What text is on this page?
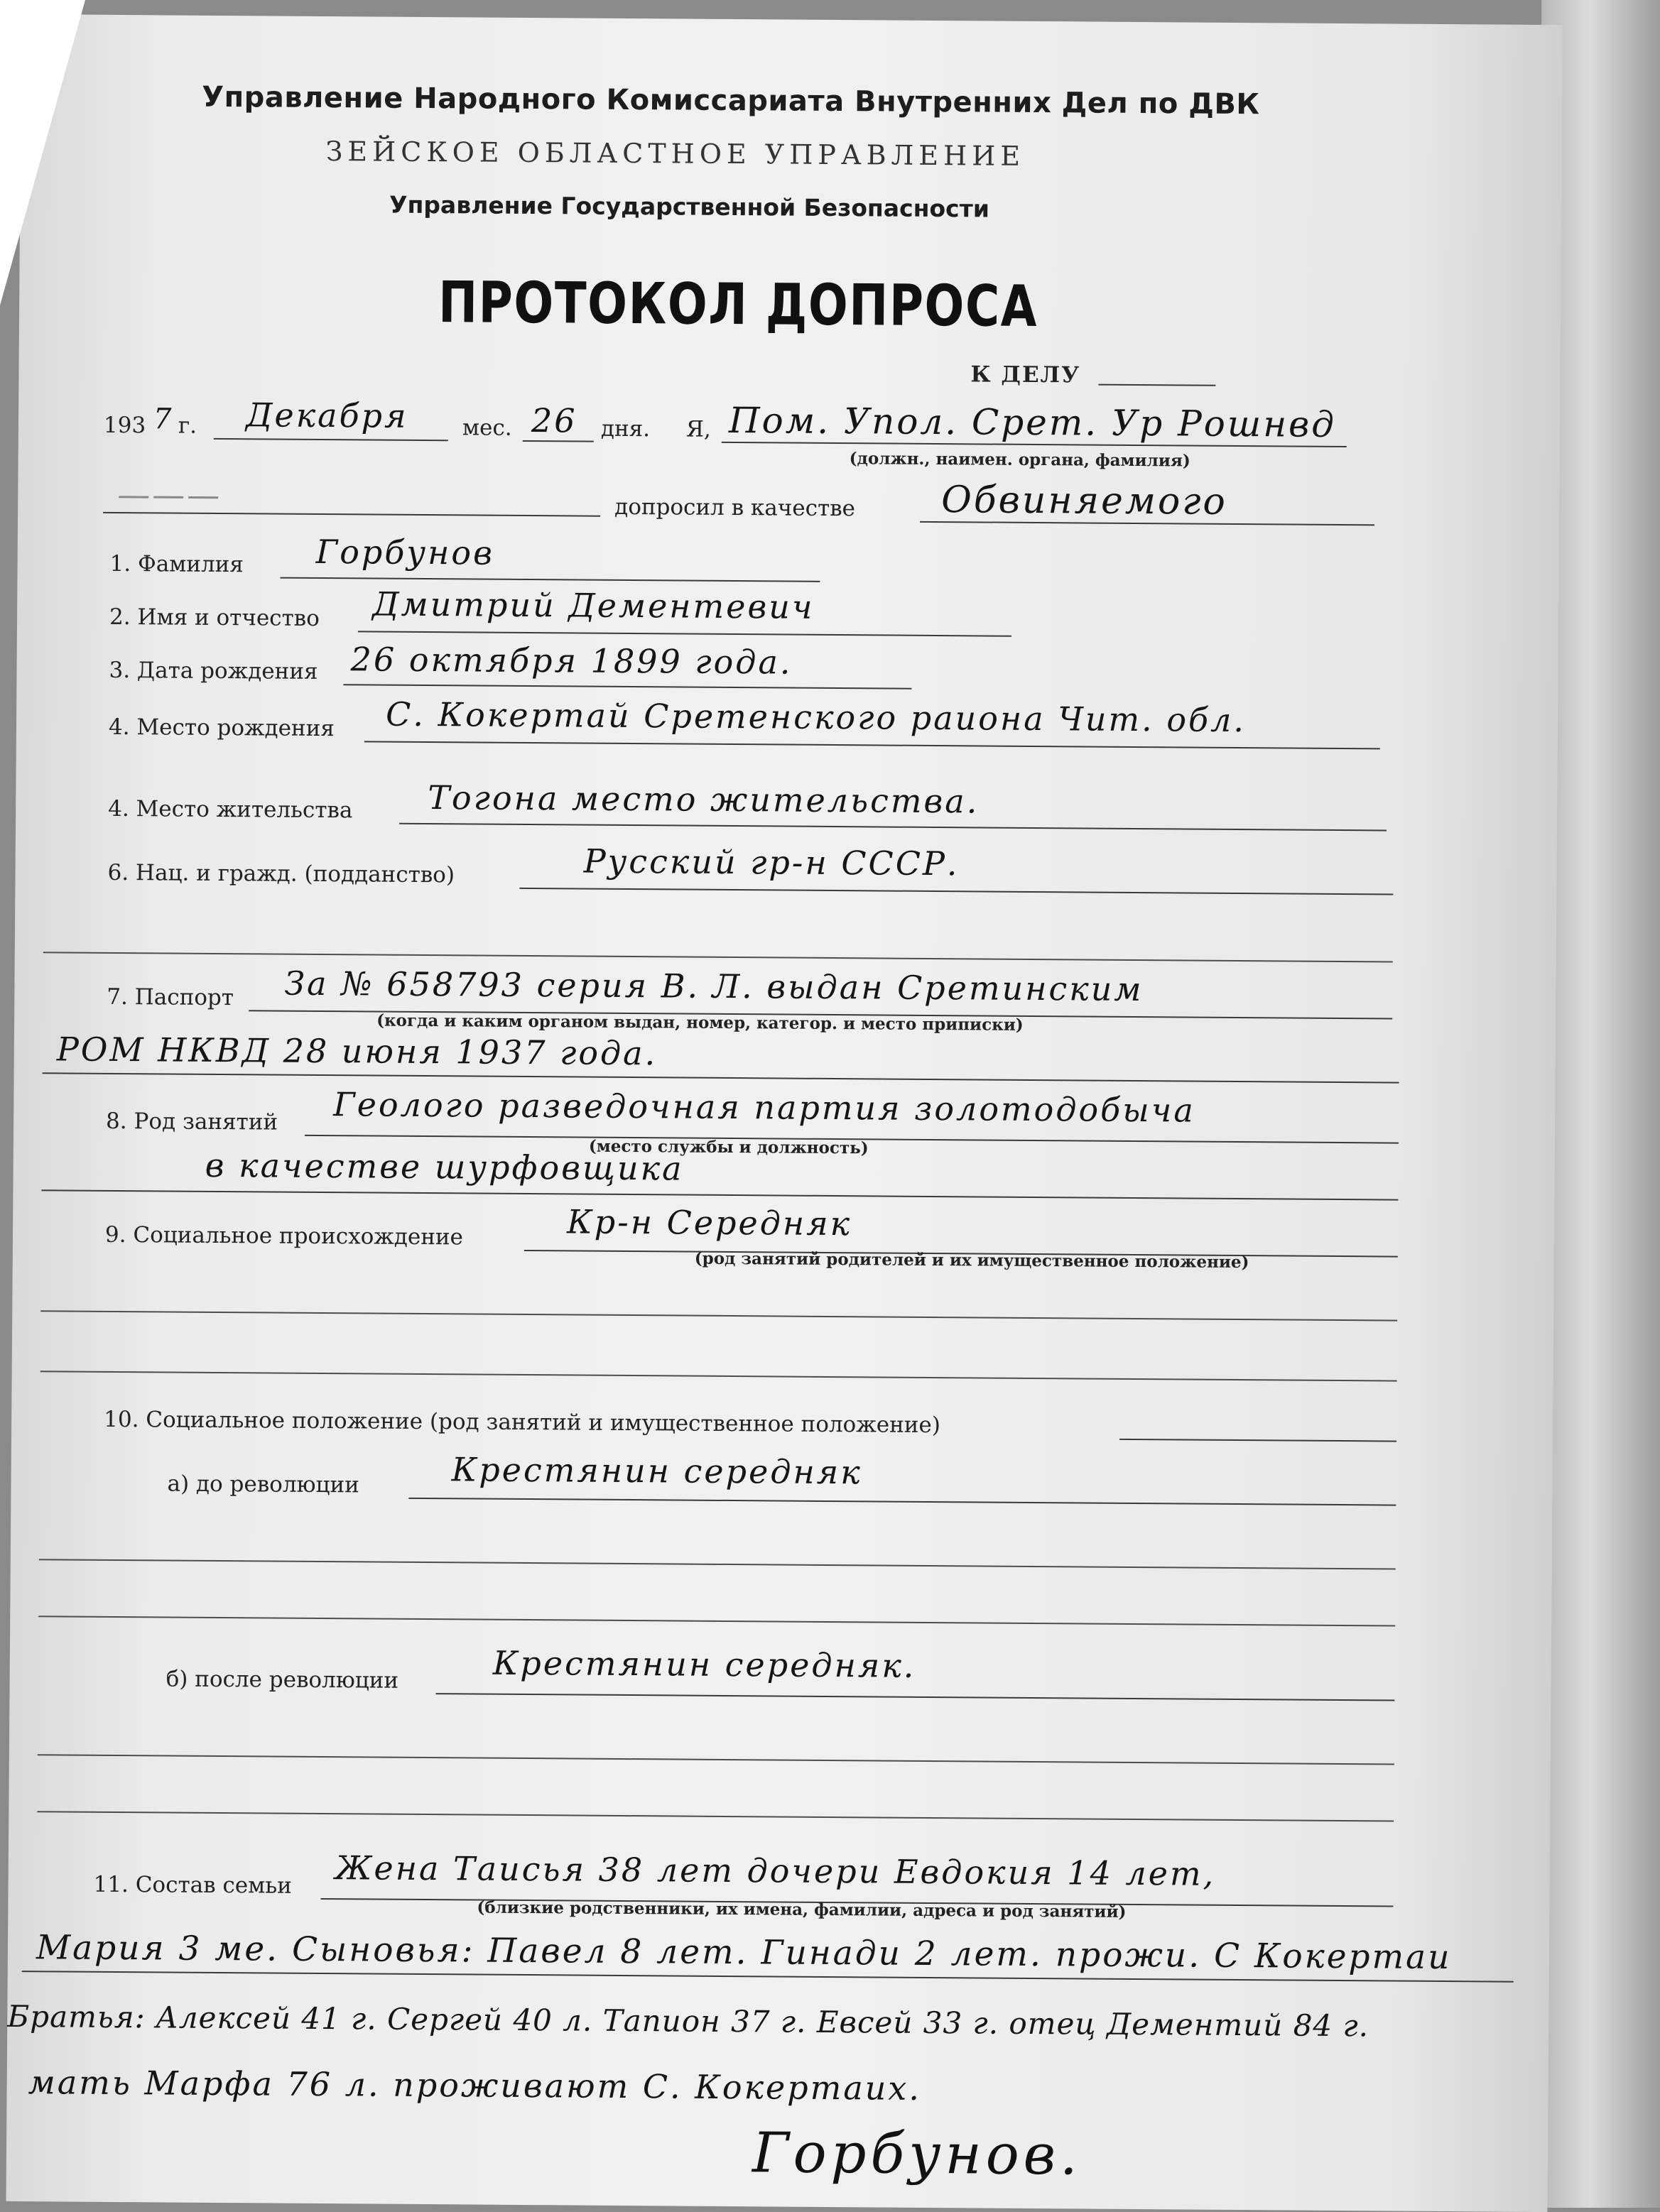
Управление Народного Комиссариата Внутренних Дел по ДВК
ЗЕЙСКОЕ ОБЛАСТНОЕ УПРАВЛЕНИЕ
Управление Государственной Безопасности
ПРОТОКОЛ ДОПРОСА
К ДЕЛУ
193 7 г. Декабря мес. 26 дня. Я, Пом. Упол. Срет. Ур Рошнвд
(должн., наимен. органа, фамилия)
———	допросил в качестве Обвиняемого
1. Фамилия Горбунов
2. Имя и отчество Дмитрий Дементевич
3. Дата рождения 26 октября 1899 года.
4. Место рождения С. Кокертай Сретенского раиона Чит. обл.
4. Место жительства Тогона место жительства.
6. Нац. и гражд. (подданство)	Русский гр-н СССР.
7. Паспорт За № 658793 серия В. Л. выдан Сретинским
(когда и каким органом выдан, номер, категор. и место приписки)
РОМ НКВД 28 июня 1937 года.
8. Род занятий Геолого разведочная партия золотодобыча
(место службы и должность)
в качестве шурфовщика
9. Социальное происхождение	Кр-н Середняк
(род занятий родителей и их имущественное положение)
10. Социальное положение (род занятий и имущественное положение)
а) до революции	Крестянин середняк
б) после революции	Крестянин середняк.
11. Состав семьи Жена Таисья 38 лет дочери Евдокия 14 лет,
(близкие родственники, их имена, фамилии, адреса и род занятий)
Мария 3 ме. Сыновья: Павел 8 лет. Гинади 2 лет. прожи. С Кокертаи
Братья: Алексей 41 г. Сергей 40 л. Тапион 37 г. Евсей 33 г. отец Дементий 84 г.
мать Марфа 76 л. проживают С. Кокертаих.
Горбунов.
